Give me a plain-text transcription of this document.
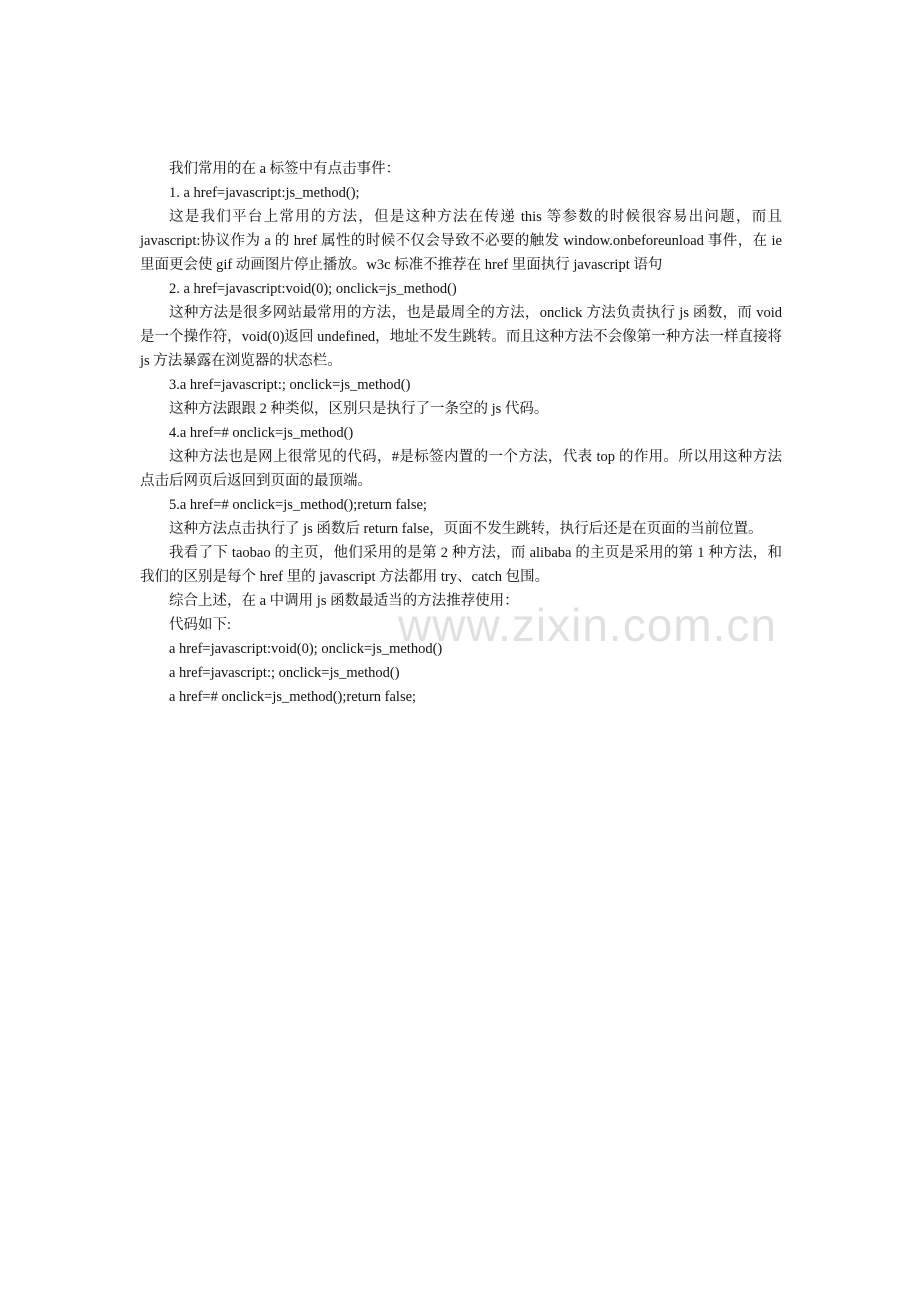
我们常用的在 a 标签中有点击事件：

1. a href=javascript:js_method();

这是我们平台上常用的方法，但是这种方法在传递 this 等参数的时候很容易出问题，而且 javascript:协议作为 a 的 href 属性的时候不仅会导致不必要的触发 window.onbeforeunload 事件，在 ie 里面更会使 gif 动画图片停止播放。w3c 标准不推荐在 href 里面执行 javascript 语句

2. a href=javascript:void(0); onclick=js_method()

这种方法是很多网站最常用的方法，也是最周全的方法，onclick 方法负责执行 js 函数，而 void 是一个操作符，void(0)返回 undefined，地址不发生跳转。而且这种方法不会像第一种方法一样直接将 js 方法暴露在浏览器的状态栏。

3.a href=javascript:; onclick=js_method()

这种方法跟跟 2 种类似，区别只是执行了一条空的 js 代码。

4.a href=# onclick=js_method()

这种方法也是网上很常见的代码，#是标签内置的一个方法，代表 top 的作用。所以用这种方法点击后网页后返回到页面的最顶端。

5.a href=# onclick=js_method();return false;

这种方法点击执行了 js 函数后 return false，页面不发生跳转，执行后还是在页面的当前位置。

我看了下 taobao 的主页，他们采用的是第 2 种方法，而 alibaba 的主页是采用的第 1 种方法，和我们的区别是每个 href 里的 javascript 方法都用 try、catch 包围。

综合上述，在 a 中调用 js 函数最适当的方法推荐使用：

代码如下:

a href=javascript:void(0); onclick=js_method()

a href=javascript:; onclick=js_method()

a href=# onclick=js_method();return false;

www.zixin.com.cn
